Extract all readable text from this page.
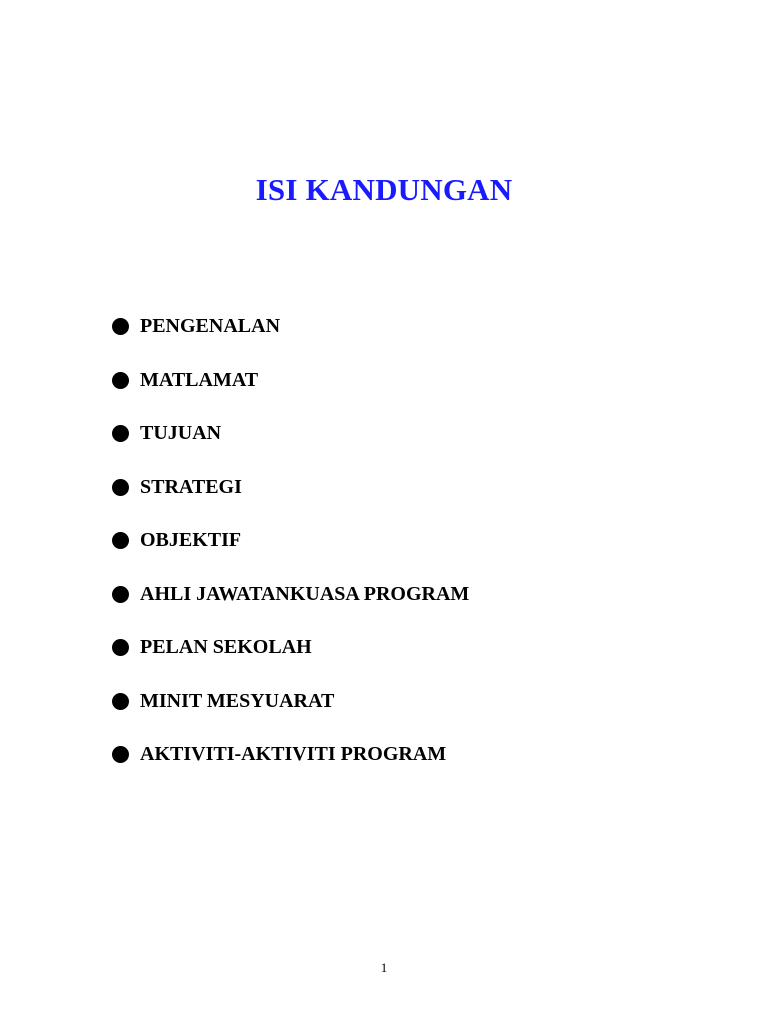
ISI KANDUNGAN
PENGENALAN
MATLAMAT
TUJUAN
STRATEGI
OBJEKTIF
AHLI JAWATANKUASA PROGRAM
PELAN SEKOLAH
MINIT MESYUARAT
AKTIVITI-AKTIVITI PROGRAM
1
